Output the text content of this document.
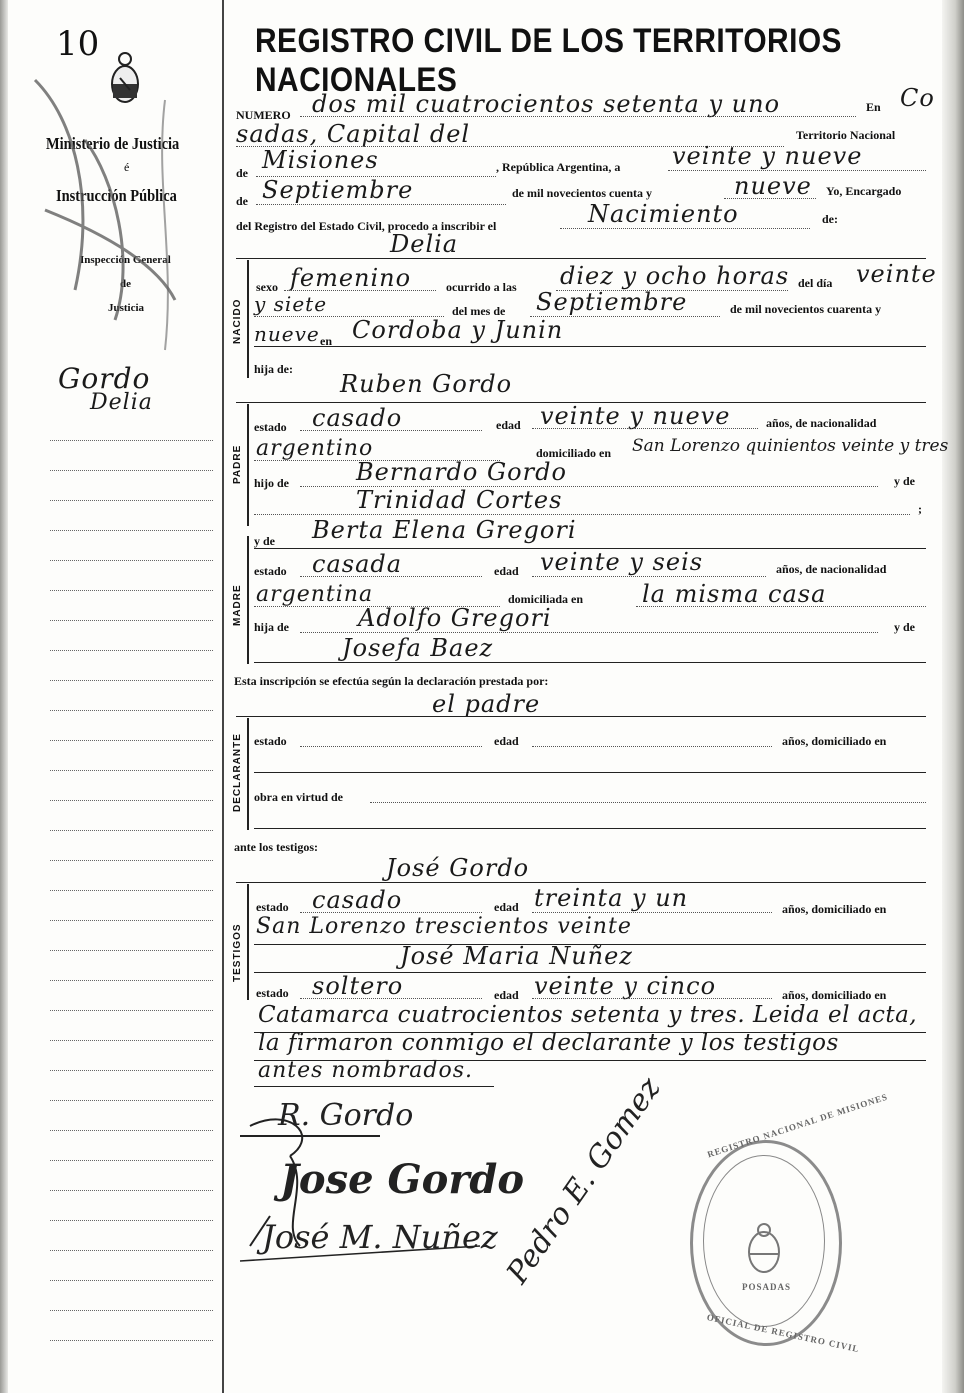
10	REGISTRO CIVIL DE LOS TERRITORIOS NACIONALES
Ministerio de Justicia
é
Instrucción Pública
Inspección General
de
Justicia
Gordo
Delia
NUMERO dos mil cuatrocientos setenta y uno	En Co
sadas, Capital del	Territorio Nacional
de Misiones	, República Argentina, a veinte y nueve
de Septiembre	de mil novecientos cuenta y	nueve Yo, Encargado
del Registro del Estado Civil, procedo a inscribir el	Nacimiento	de:
Delia
NACIDO
sexo femenino	ocurrido a las diez y ocho horas del día veinte
y siete	del mes de Septiembre	de mil novecientos cuarenta y
nueve en Cordoba y Junin
hija de:
Ruben Gordo
PADRE
estado casado	edad veinte y nueve	años, de nacionalidad
argentino	domiciliado en San Lorenzo quinientos veinte y tres
hijo de	Bernardo Gordo	y de
Trinidad Cortes	;
MADRE
y de Berta Elena Gregori
estado casada	edad veinte y seis	años, de nacionalidad
argentina	domiciliada en la misma casa
hija de	Adolfo Gregori	y de
Josefa Baez
Esta inscripción se efectúa según la declaración prestada por:
el padre
DECLARANTE estado	edad	años, domiciliado en
obra en virtud de
ante los testigos:
José Gordo
TESTIGOS
estado casado	edad treinta y un	años, domiciliado en
San Lorenzo trescientos veinte
José Maria Nuñez
estado soltero	edad veinte y cinco	años, domiciliado en
Catamarca cuatrocientos setenta y tres. Leida el acta,
la firmaron conmigo el declarante y los testigos
antes nombrados.
R. Gordo
Jose Gordo
José M. Nuñez Pedro E. Gomez	REGISTRO NACIONAL DE MISIONES
POSADAS
OFICIAL DE REGISTRO CIVIL
